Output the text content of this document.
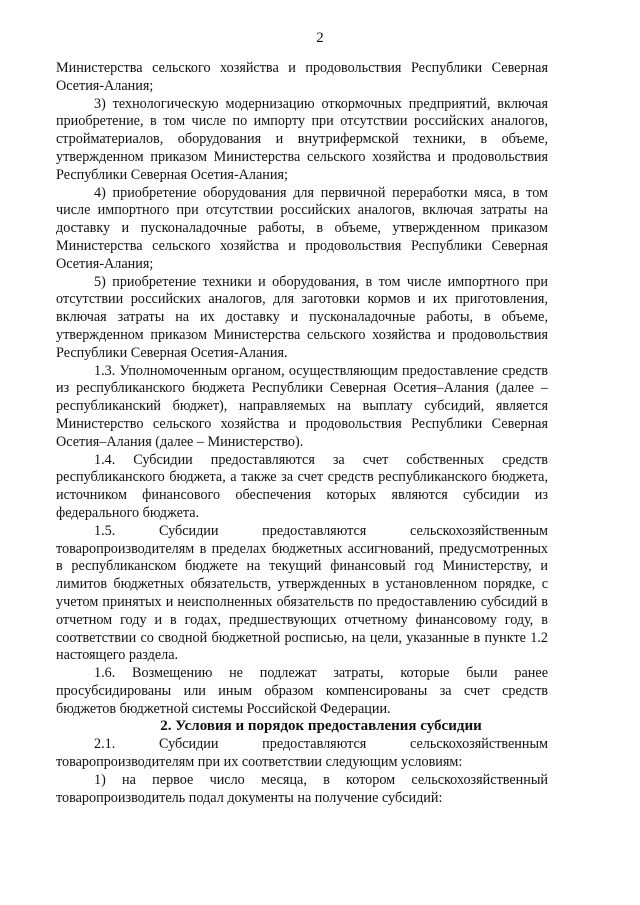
2

Министерства сельского хозяйства и продовольствия Республики Северная Осетия-Алания;

3) технологическую модернизацию откормочных предприятий, включая приобретение, в том числе по импорту при отсутствии российских аналогов, стройматериалов, оборудования и внутрифермской техники, в объеме, утвержденном приказом Министерства сельского хозяйства и продовольствия Республики Северная Осетия-Алания;

4) приобретение оборудования для первичной переработки мяса, в том числе импортного при отсутствии российских аналогов, включая затраты на доставку и пусконаладочные работы, в объеме, утвержденном приказом Министерства сельского хозяйства и продовольствия Республики Северная Осетия-Алания;

5) приобретение техники и оборудования, в том числе импортного при отсутствии российских аналогов, для заготовки кормов и их приготовления, включая затраты на их доставку и пусконаладочные работы, в объеме, утвержденном приказом Министерства сельского хозяйства и продовольствия Республики Северная Осетия-Алания.

1.3. Уполномоченным органом, осуществляющим предоставление средств из республиканского бюджета Республики Северная Осетия–Алания (далее – республиканский бюджет), направляемых на выплату субсидий, является Министерство сельского хозяйства и продовольствия Республики Северная Осетия–Алания (далее – Министерство).

1.4. Субсидии предоставляются за счет собственных средств республиканского бюджета, а также за счет средств республиканского бюджета, источником финансового обеспечения которых являются субсидии из федерального бюджета.

1.5. Субсидии предоставляются сельскохозяйственным товаропроизводителям в пределах бюджетных ассигнований, предусмотренных в республиканском бюджете на текущий финансовый год Министерству, и лимитов бюджетных обязательств, утвержденных в установленном порядке, с учетом принятых и неисполненных обязательств по предоставлению субсидий в отчетном году и в годах, предшествующих отчетному финансовому году, в соответствии со сводной бюджетной росписью, на цели, указанные в пункте 1.2 настоящего раздела.

1.6. Возмещению не подлежат затраты, которые были ранее просубсидированы или иным образом компенсированы за счет средств бюджетов бюджетной системы Российской Федерации.

2. Условия и порядок предоставления субсидии

2.1. Субсидии предоставляются сельскохозяйственным товаропроизводителям при их соответствии следующим условиям:

1) на первое число месяца, в котором сельскохозяйственный товаропроизводитель подал документы на получение субсидий:
